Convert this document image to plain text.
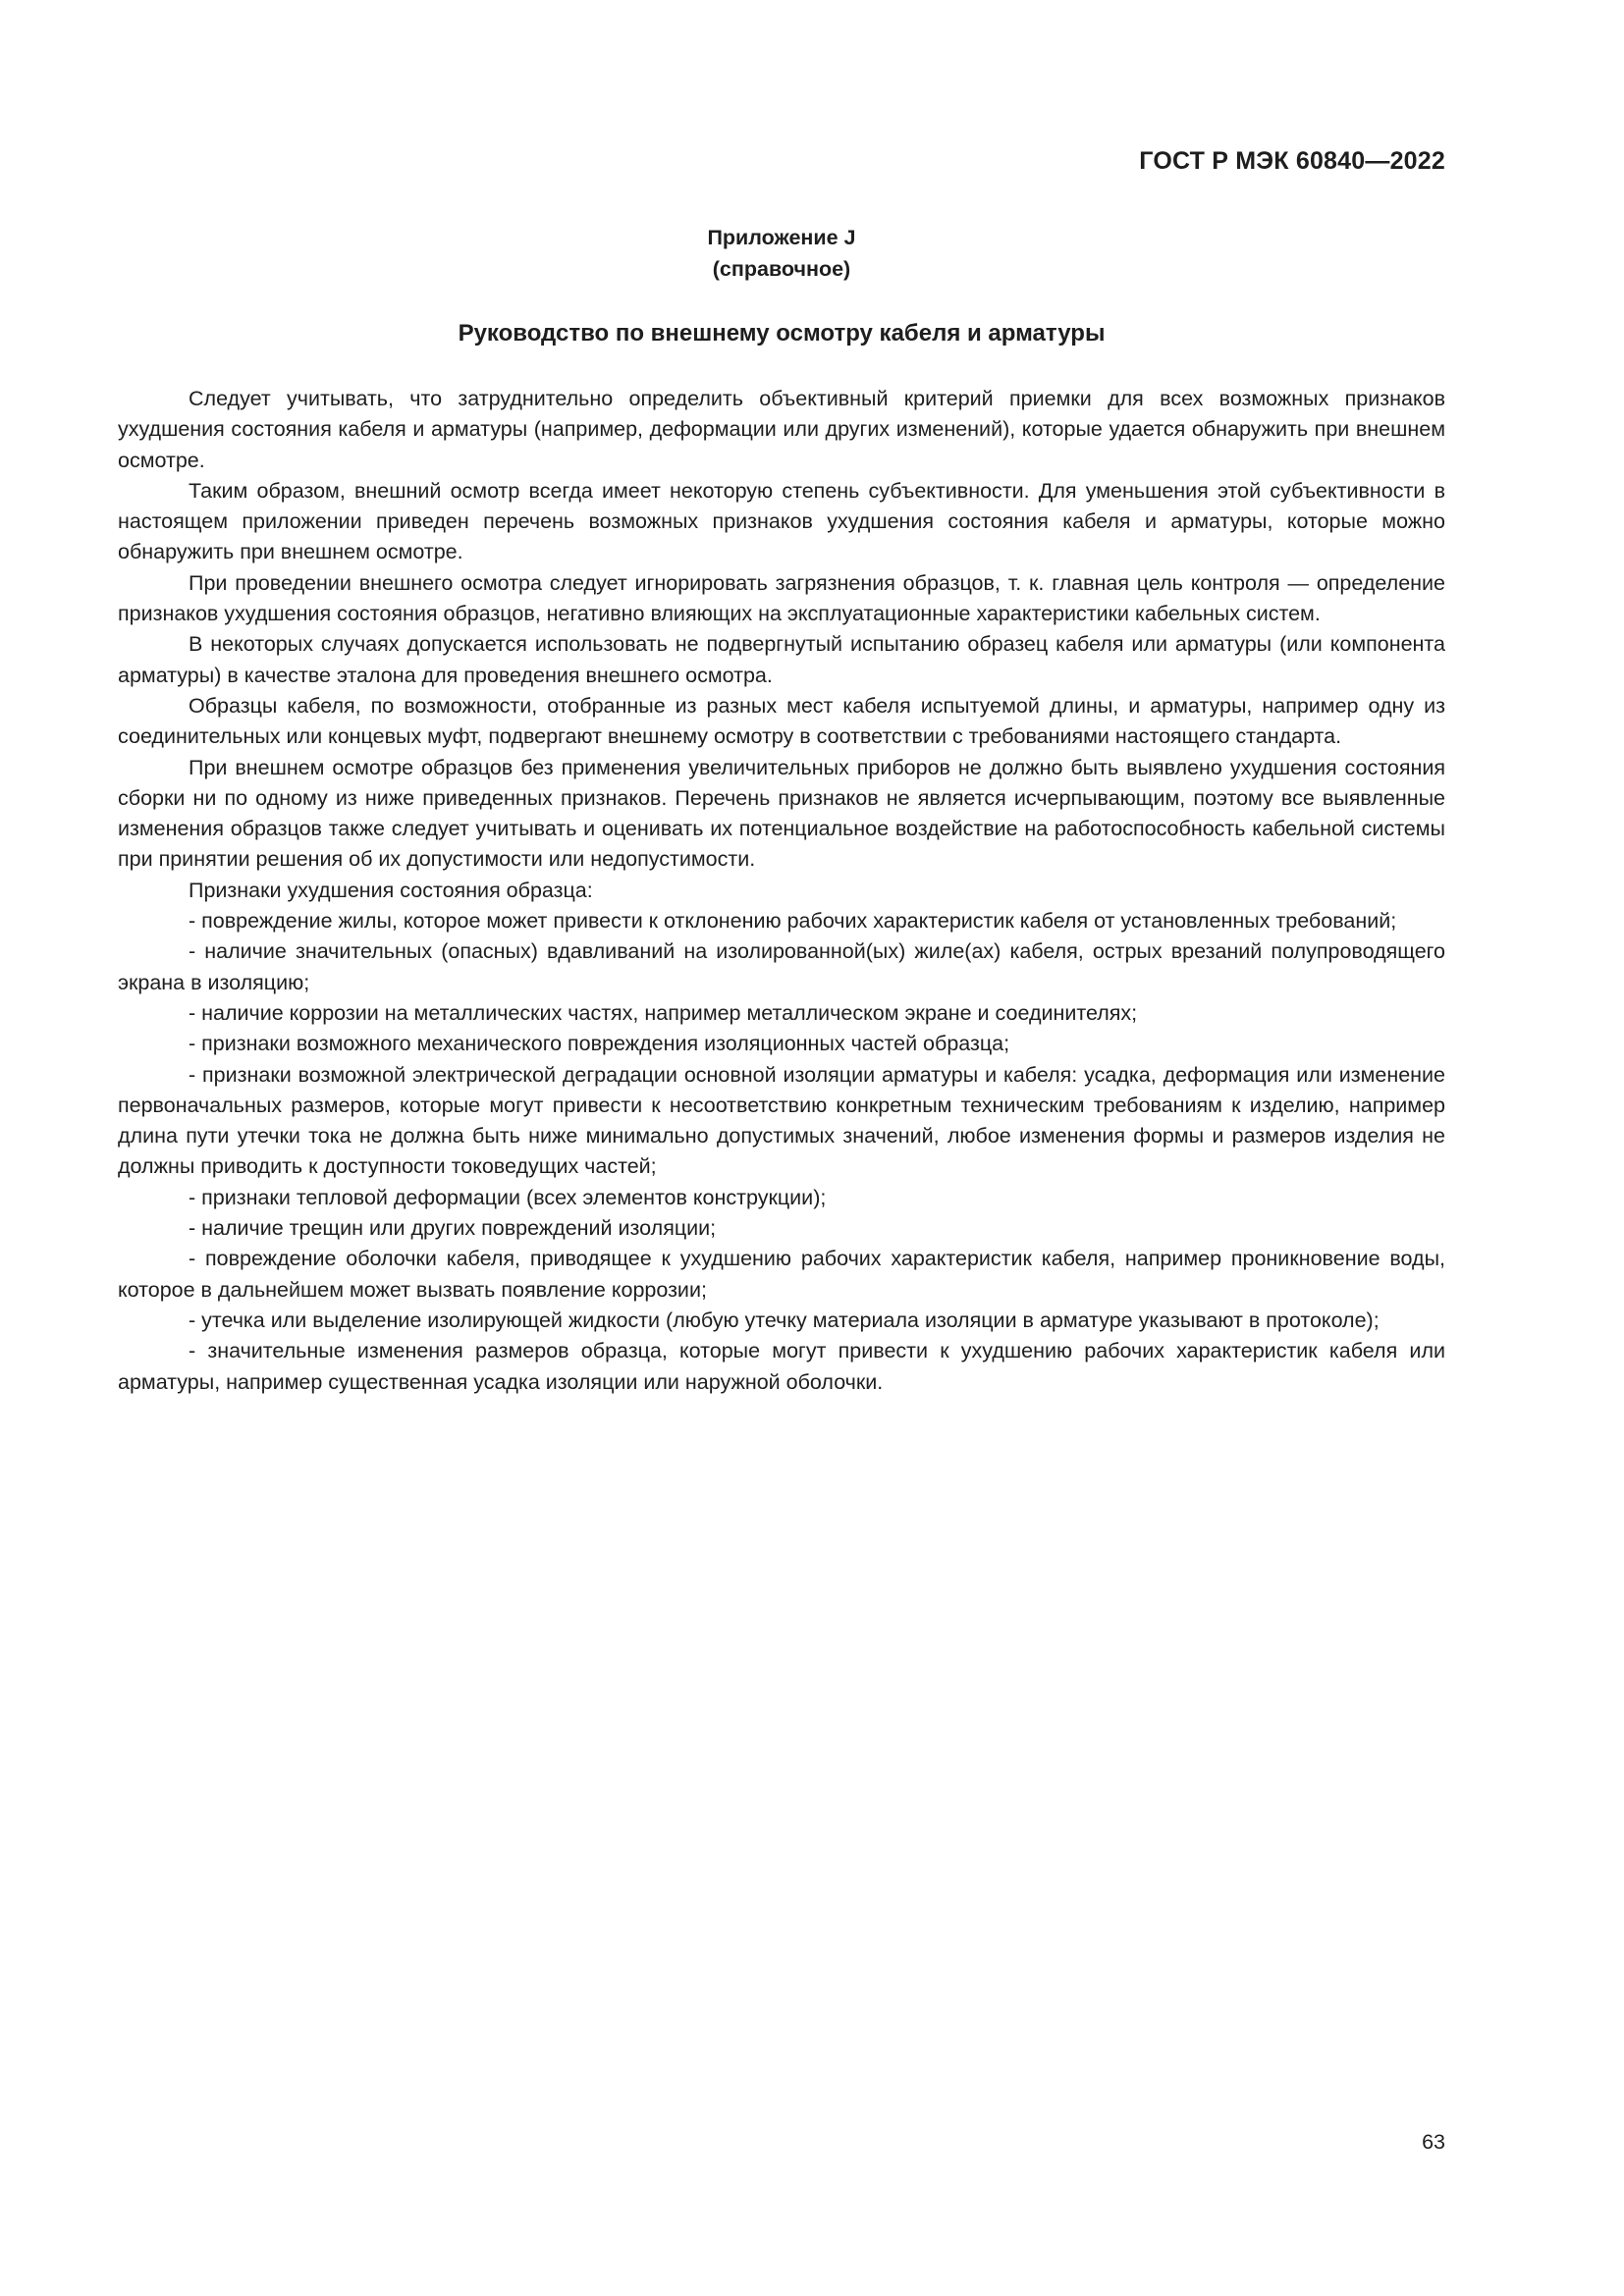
ГОСТ Р МЭК 60840—2022
Приложение J
(справочное)
Руководство по внешнему осмотру кабеля и арматуры

Следует учитывать, что затруднительно определить объективный критерий приемки для всех возможных признаков ухудшения состояния кабеля и арматуры (например, деформации или других изменений), которые удается обнаружить при внешнем осмотре.

Таким образом, внешний осмотр всегда имеет некоторую степень субъективности. Для уменьшения этой субъективности в настоящем приложении приведен перечень возможных признаков ухудшения состояния кабеля и арматуры, которые можно обнаружить при внешнем осмотре.

При проведении внешнего осмотра следует игнорировать загрязнения образцов, т. к. главная цель контроля — определение признаков ухудшения состояния образцов, негативно влияющих на эксплуатационные характеристики кабельных систем.

В некоторых случаях допускается использовать не подвергнутый испытанию образец кабеля или арматуры (или компонента арматуры) в качестве эталона для проведения внешнего осмотра.

Образцы кабеля, по возможности, отобранные из разных мест кабеля испытуемой длины, и арматуры, например одну из соединительных или концевых муфт, подвергают внешнему осмотру в соответствии с требованиями настоящего стандарта.

При внешнем осмотре образцов без применения увеличительных приборов не должно быть выявлено ухудшения состояния сборки ни по одному из ниже приведенных признаков. Перечень признаков не является исчерпывающим, поэтому все выявленные изменения образцов также следует учитывать и оценивать их потенциальное воздействие на работоспособность кабельной системы при принятии решения об их допустимости или недопустимости.

Признаки ухудшения состояния образца:

- повреждение жилы, которое может привести к отклонению рабочих характеристик кабеля от установленных требований;

- наличие значительных (опасных) вдавливаний на изолированной(ых) жиле(ах) кабеля, острых врезаний полупроводящего экрана в изоляцию;

- наличие коррозии на металлических частях, например металлическом экране и соединителях;

- признаки возможного механического повреждения изоляционных частей образца;

- признаки возможной электрической деградации основной изоляции арматуры и кабеля: усадка, деформация или изменение первоначальных размеров, которые могут привести к несоответствию конкретным техническим требованиям к изделию, например длина пути утечки тока не должна быть ниже минимально допустимых значений, любое изменения формы и размеров изделия не должны приводить к доступности токоведущих частей;

- признаки тепловой деформации (всех элементов конструкции);

- наличие трещин или других повреждений изоляции;

- повреждение оболочки кабеля, приводящее к ухудшению рабочих характеристик кабеля, например проникновение воды, которое в дальнейшем может вызвать появление коррозии;

- утечка или выделение изолирующей жидкости (любую утечку материала изоляции в арматуре указывают в протоколе);

- значительные изменения размеров образца, которые могут привести к ухудшению рабочих характеристик кабеля или арматуры, например существенная усадка изоляции или наружной оболочки.

63
